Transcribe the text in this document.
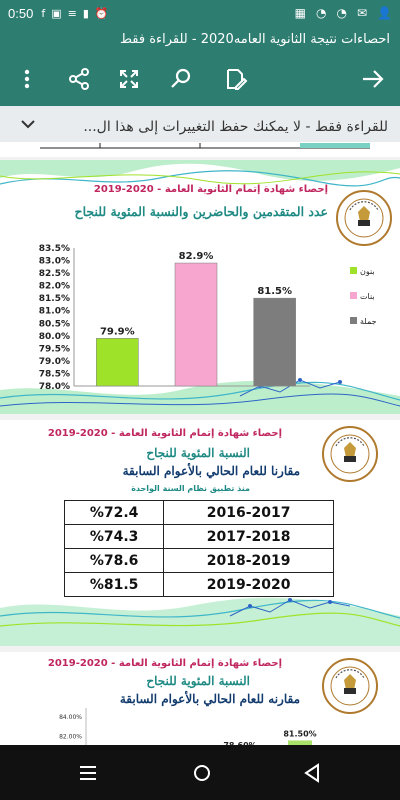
0:50 f ▣ ≡ ▮ ⏰	▦ ◔ ◔ ✉ 👤
احصاءات نتيجة الثانوية العامه2020 - للقراءة فقط
للقراءة فقط - لا يمكنك حفظ التغييرات إلى هذا ال...
إحصاء شهادة إتمام الثانوية العامة - 2020-2019
عدد المتقدمين والحاضرين والنسبة المئوية للنجاح
83.5%
83.0%
82.5%
82.0%
81.5%
81.0%
80.5%
80.0%
79.5%
79.0%
78.5%
78.0%
79.9%
82.9%
81.5%
بنون
بنات
جملة
إحصاء شهادة إتمام الثانوية العامة - 2020-2019
النسبة المئوية للنجاح
مقارنا للعام الحالي بالأعوام السابقة
منذ تطبيق نظام السنة الواحدة
%72.4	2016-2017
%74.3	2017-2018
%78.6	2018-2019
%81.5	2019-2020
إحصاء شهادة إتمام الثانوية العامة - 2020-2019
النسبة المئوية للنجاح
مقارنه للعام الحالي بالأعوام السابقة
84.00%
82.00%	81.50%
